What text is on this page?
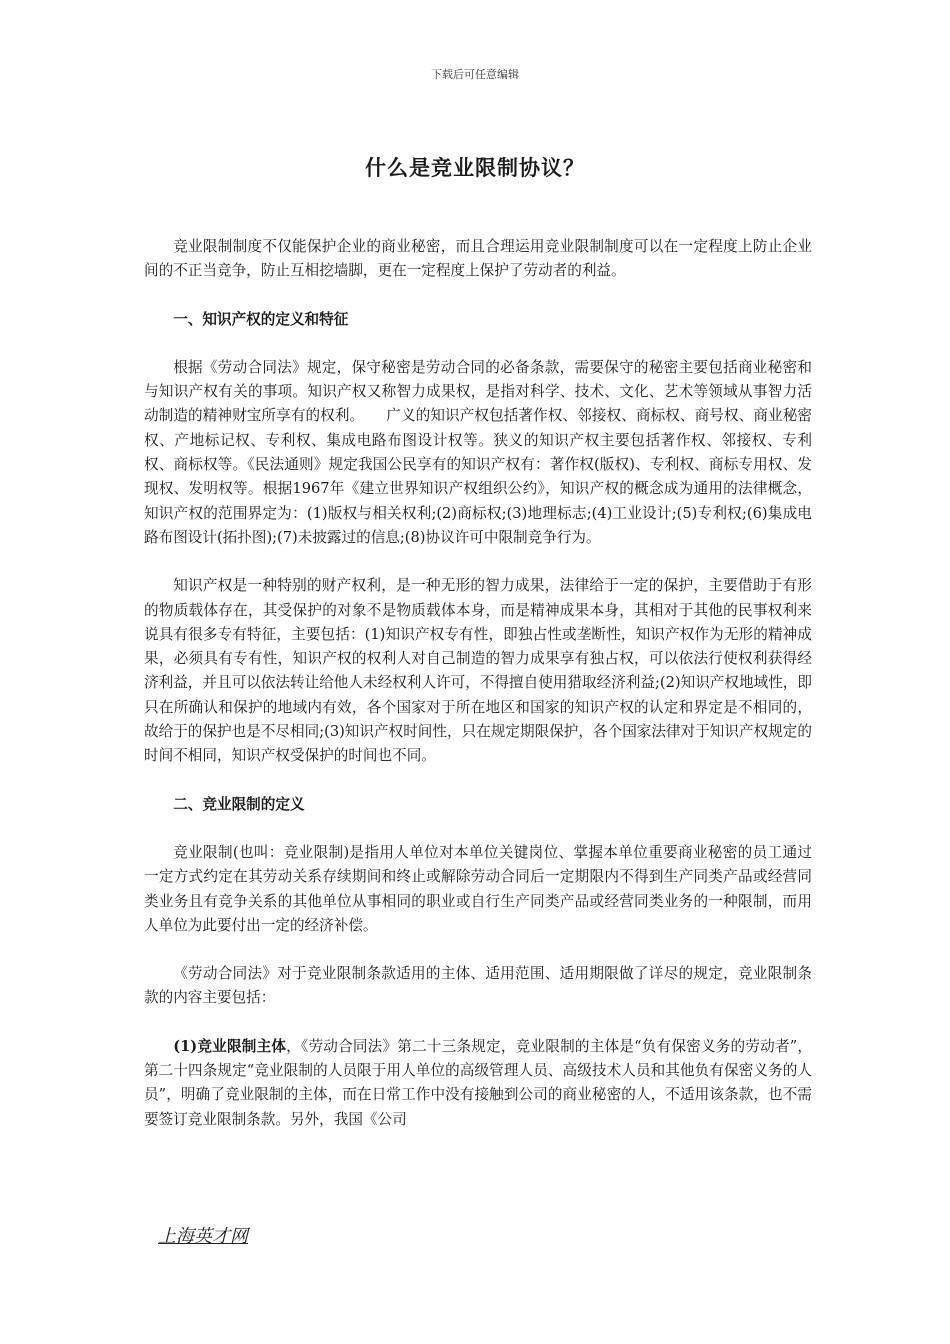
下载后可任意编辑
什么是竞业限制协议？

竞业限制制度不仅能保护企业的商业秘密，而且合理运用竞业限制制度可以在一定程度上防止企业间的不正当竞争，防止互相挖墙脚，更在一定程度上保护了劳动者的利益。

一、知识产权的定义和特征

根据《劳动合同法》规定，保守秘密是劳动合同的必备条款，需要保守的秘密主要包括商业秘密和与知识产权有关的事项。知识产权又称智力成果权，是指对科学、技术、文化、艺术等领域从事智力活动制造的精神财宝所享有的权利。　　广义的知识产权包括著作权、邻接权、商标权、商号权、商业秘密权、产地标记权、专利权、集成电路布图设计权等。狭义的知识产权主要包括著作权、邻接权、专利权、商标权等。《民法通则》规定我国公民享有的知识产权有：著作权(版权)、专利权、商标专用权、发现权、发明权等。根据1967年《建立世界知识产权组织公约》，知识产权的概念成为通用的法律概念，知识产权的范围界定为：(1)版权与相关权利;(2)商标权;(3)地理标志;(4)工业设计;(5)专利权;(6)集成电路布图设计(拓扑图);(7)未披露过的信息;(8)协议许可中限制竞争行为。

知识产权是一种特别的财产权利，是一种无形的智力成果，法律给于一定的保护，主要借助于有形的物质载体存在，其受保护的对象不是物质载体本身，而是精神成果本身，其相对于其他的民事权利来说具有很多专有特征，主要包括：(1)知识产权专有性，即独占性或垄断性，知识产权作为无形的精神成果，必须具有专有性，知识产权的权利人对自己制造的智力成果享有独占权，可以依法行使权利获得经济利益，并且可以依法转让给他人未经权利人许可，不得擅自使用猎取经济利益;(2)知识产权地域性，即只在所确认和保护的地域内有效，各个国家对于所在地区和国家的知识产权的认定和界定是不相同的，故给于的保护也是不尽相同;(3)知识产权时间性，只在规定期限保护，各个国家法律对于知识产权规定的时间不相同，知识产权受保护的时间也不同。

二、竞业限制的定义

竞业限制(也叫：竞业限制)是指用人单位对本单位关键岗位、掌握本单位重要商业秘密的员工通过一定方式约定在其劳动关系存续期间和终止或解除劳动合同后一定期限内不得到生产同类产品或经营同类业务且有竞争关系的其他单位从事相同的职业或自行生产同类产品或经营同类业务的一种限制，而用人单位为此要付出一定的经济补偿。

《劳动合同法》对于竞业限制条款适用的主体、适用范围、适用期限做了详尽的规定，竞业限制条款的内容主要包括：

(1)竞业限制主体，《劳动合同法》第二十三条规定，竞业限制的主体是“负有保密义务的劳动者”，第二十四条规定“竞业限制的人员限于用人单位的高级管理人员、高级技术人员和其他负有保密义务的人员”，明确了竞业限制的主体，而在日常工作中没有接触到公司的商业秘密的人，不适用该条款，也不需要签订竞业限制条款。另外，我国《公司

上海英才网
